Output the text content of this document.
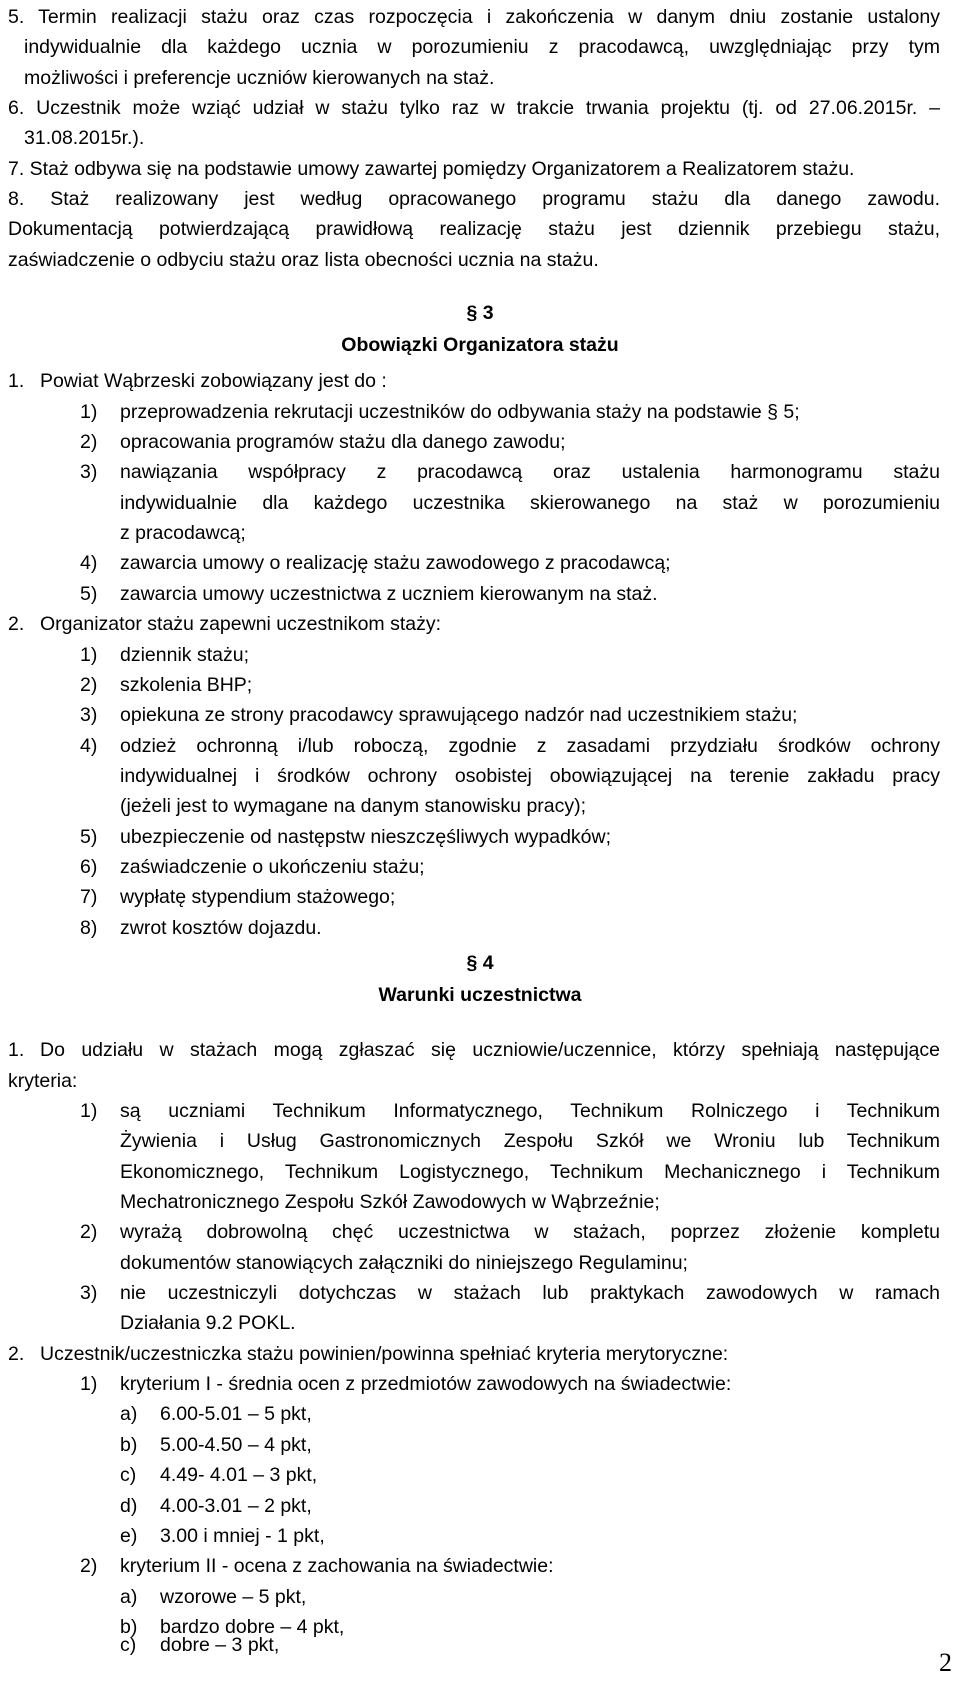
5. Termin realizacji stażu oraz czas rozpoczęcia i zakończenia w danym dniu zostanie ustalony
indywidualnie dla każdego ucznia w porozumieniu z pracodawcą, uwzględniając przy tym
możliwości i preferencje uczniów kierowanych na staż.
6. Uczestnik może wziąć udział w stażu tylko raz w trakcie trwania projektu (tj. od 27.06.2015r. –
31.08.2015r.).
7. Staż odbywa się na podstawie umowy zawartej pomiędzy Organizatorem a Realizatorem stażu.
8. Staż realizowany jest według opracowanego programu stażu dla danego zawodu.
Dokumentacją potwierdzającą prawidłową realizację stażu jest dziennik przebiegu stażu,
zaświadczenie o odbyciu stażu oraz lista obecności ucznia na stażu.
§ 3
Obowiązki Organizatora stażu
1. Powiat Wąbrzeski zobowiązany jest do :
1) przeprowadzenia rekrutacji uczestników do odbywania staży na podstawie § 5;
2) opracowania programów stażu dla danego zawodu;
3) nawiązania współpracy z pracodawcą oraz ustalenia harmonogramu stażu
indywidualnie dla każdego uczestnika skierowanego na staż w porozumieniu
z pracodawcą;
4) zawarcia umowy o realizację stażu zawodowego z pracodawcą;
5) zawarcia umowy uczestnictwa z uczniem kierowanym na staż.
2. Organizator stażu zapewni uczestnikom staży:
1) dziennik stażu;
2) szkolenia BHP;
3) opiekuna ze strony pracodawcy sprawującego nadzór nad uczestnikiem stażu;
4) odzież ochronną i/lub roboczą, zgodnie z zasadami przydziału środków ochrony
indywidualnej i środków ochrony osobistej obowiązującej na terenie zakładu pracy
(jeżeli jest to wymagane na danym stanowisku pracy);
5) ubezpieczenie od następstw nieszczęśliwych wypadków;
6) zaświadczenie o ukończeniu stażu;
7) wypłatę stypendium stażowego;
8) zwrot kosztów dojazdu.
§ 4
Warunki uczestnictwa
1. Do udziału w stażach mogą zgłaszać się uczniowie/uczennice, którzy spełniają następujące
kryteria:
1) są uczniami Technikum Informatycznego, Technikum Rolniczego i Technikum
Żywienia i Usług Gastronomicznych Zespołu Szkół we Wroniu lub Technikum
Ekonomicznego, Technikum Logistycznego, Technikum Mechanicznego i Technikum
Mechatronicznego Zespołu Szkół Zawodowych w Wąbrzeźnie;
2) wyrażą dobrowolną chęć uczestnictwa w stażach, poprzez złożenie kompletu
dokumentów stanowiących załączniki do niniejszego Regulaminu;
3) nie uczestniczyli dotychczas w stażach lub praktykach zawodowych w ramach
Działania 9.2 POKL.
2. Uczestnik/uczestniczka stażu powinien/powinna spełniać kryteria merytoryczne:
1) kryterium I - średnia ocen z przedmiotów zawodowych na świadectwie:
a) 6.00-5.01 – 5 pkt,
b) 5.00-4.50 – 4 pkt,
c) 4.49- 4.01 – 3 pkt,
d) 4.00-3.01 – 2 pkt,
e) 3.00 i mniej - 1 pkt,
2) kryterium II - ocena z zachowania na świadectwie:
a) wzorowe – 5 pkt,
b) bardzo dobre – 4 pkt,
2
c) dobre – 3 pkt,
